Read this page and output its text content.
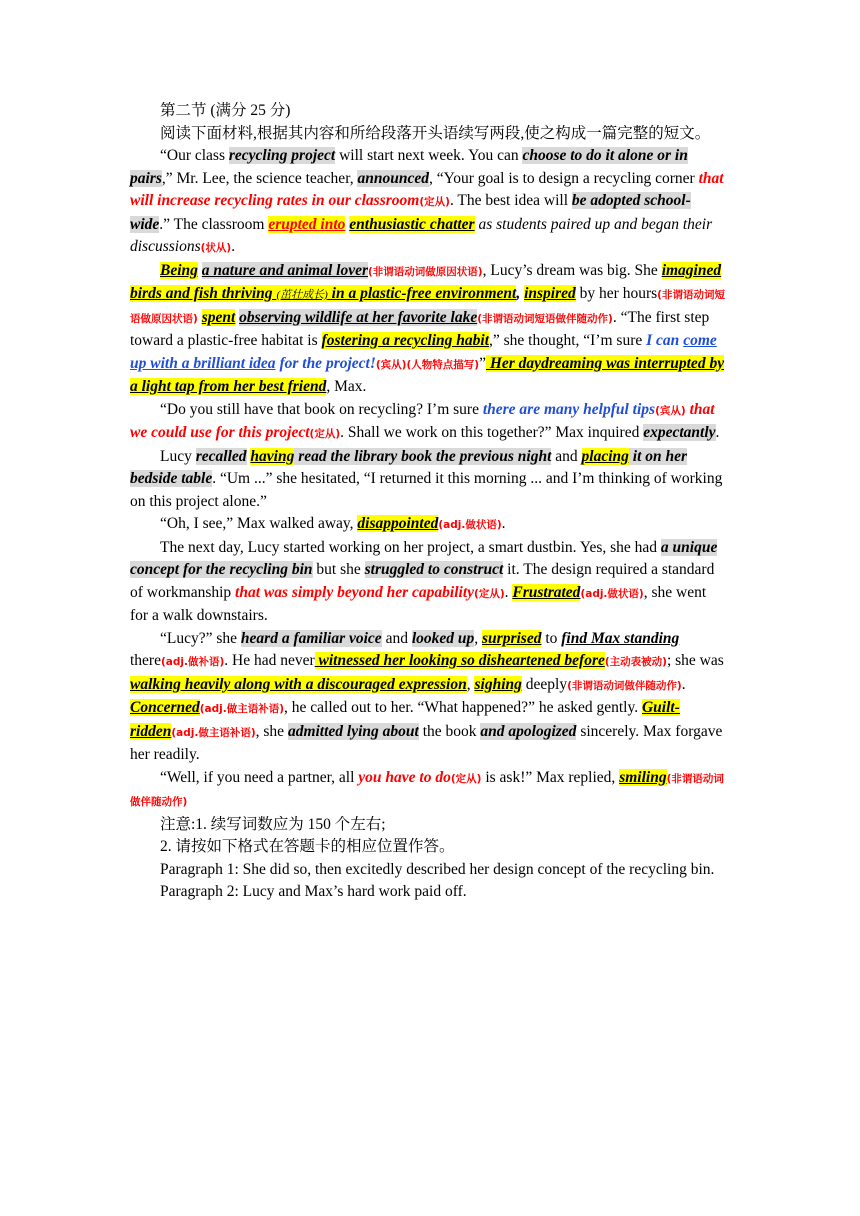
第二节 (满分 25 分)

阅读下面材料,根据其内容和所给段落开头语续写两段,使之构成一篇完整的短文。

“Our class recycling project will start next week. You can choose to do it alone or in pairs,” Mr. Lee, the science teacher, announced, “Your goal is to design a recycling corner that will increase recycling rates in our classroom(定从). The best idea will be adopted school-wide.” The classroom erupted into enthusiastic chatter as students paired up and began their discussions(状从).

Being a nature and animal lover(非谓语动词做原因状语), Lucy’s dream was big. She imagined birds and fish thriving (茁壮成长) in a plastic-free environment, inspired by her hours(非谓语动词短语做原因状语) spent observing wildlife at her favorite lake(非谓语动词短语做伴随动作). “The first step toward a plastic-free habitat is fostering a recycling habit,” she thought, “I’m sure I can come up with a brilliant idea for the project!(宾从)(人物特点描写)” Her daydreaming was interrupted by a light tap from her best friend, Max.

“Do you still have that book on recycling? I’m sure there are many helpful tips(宾从) that we could use for this project(定从). Shall we work on this together?” Max inquired expectantly.

Lucy recalled having read the library book the previous night and placing it on her bedside table. “Um ...” she hesitated, “I returned it this morning ... and I’m thinking of working on this project alone.”

“Oh, I see,” Max walked away, disappointed(adj.做状语).

The next day, Lucy started working on her project, a smart dustbin. Yes, she had a unique concept for the recycling bin but she struggled to construct it. The design required a standard of workmanship that was simply beyond her capability(定从). Frustrated(adj.做状语), she went for a walk downstairs.

“Lucy?” she heard a familiar voice and looked up, surprised to find Max standing there(adj.做补语). He had never witnessed her looking so disheartened before(主动表被动); she was walking heavily along with a discouraged expression, sighing deeply(非谓语动词做伴随动作). Concerned(adj.做主语补语), he called out to her. “What happened?” he asked gently. Guilt-ridden(adj.做主语补语), she admitted lying about the book and apologized sincerely. Max forgave her readily.

“Well, if you need a partner, all you have to do(定从) is ask!” Max replied, smiling(非谓语动词做伴随动作)

注意:1. 续写词数应为 150 个左右;

2. 请按如下格式在答题卡的相应位置作答。

Paragraph 1: She did so, then excitedly described her design concept of the recycling bin.

Paragraph 2: Lucy and Max’s hard work paid off.
